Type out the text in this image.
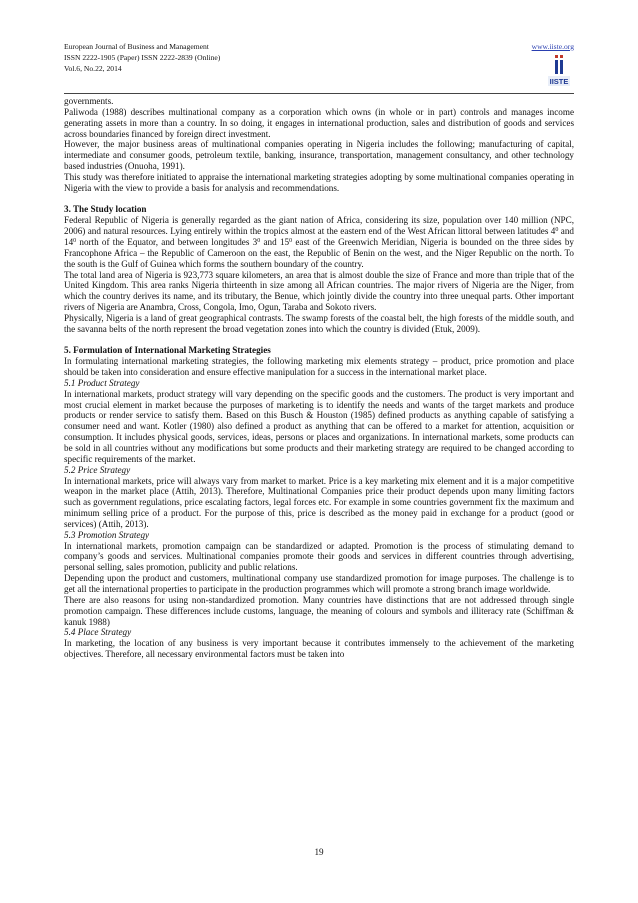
European Journal of Business and Management
ISSN 2222-1905 (Paper) ISSN 2222-2839 (Online)
Vol.6, No.22, 2014
www.iiste.org
IISTE

governments.

Paliwoda (1988) describes multinational company as a corporation which owns (in whole or in part) controls and manages income generating assets in more than a country. In so doing, it engages in international production, sales and distribution of goods and services across boundaries financed by foreign direct investment.

However, the major business areas of multinational companies operating in Nigeria includes the following; manufacturing of capital, intermediate and consumer goods, petroleum textile, banking, insurance, transportation, management consultancy, and other technology based industries (Onuoha, 1991).

This study was therefore initiated to appraise the international marketing strategies adopting by some multinational companies operating in Nigeria with the view to provide a basis for analysis and recommendations.

3. The Study location

Federal Republic of Nigeria is generally regarded as the giant nation of Africa, considering its size, population over 140 million (NPC, 2006) and natural resources. Lying entirely within the tropics almost at the eastern end of the West African littoral between latitudes $4^0$ and $14^0$ north of the Equator, and between longitudes $3^0$ and $15^0$ east of the Greenwich Meridian, Nigeria is bounded on the three sides by Francophone Africa – the Republic of Cameroon on the east, the Republic of Benin on the west, and the Niger Republic on the north. To the south is the Gulf of Guinea which forms the southern boundary of the country.

The total land area of Nigeria is 923,773 square kilometers, an area that is almost double the size of France and more than triple that of the United Kingdom. This area ranks Nigeria thirteenth in size among all African countries. The major rivers of Nigeria are the Niger, from which the country derives its name, and its tributary, the Benue, which jointly divide the country into three unequal parts. Other important rivers of Nigeria are Anambra, Cross, Congola, Imo, Ogun, Taraba and Sokoto rivers.

Physically, Nigeria is a land of great geographical contrasts. The swamp forests of the coastal belt, the high forests of the middle south, and the savanna belts of the north represent the broad vegetation zones into which the country is divided (Etuk, 2009).

5. Formulation of International Marketing Strategies

In formulating international marketing strategies, the following marketing mix elements strategy – product, price promotion and place should be taken into consideration and ensure effective manipulation for a success in the international market place.

5.1 Product Strategy

In international markets, product strategy will vary depending on the specific goods and the customers. The product is very important and most crucial element in market because the purposes of marketing is to identify the needs and wants of the target markets and produce products or render service to satisfy them. Based on this Busch & Houston (1985) defined products as anything capable of satisfying a consumer need and want. Kotler (1980) also defined a product as anything that can be offered to a market for attention, acquisition or consumption. It includes physical goods, services, ideas, persons or places and organizations. In international markets, some products can be sold in all countries without any modifications but some products and their marketing strategy are required to be changed according to specific requirements of the market.

5.2 Price Strategy

In international markets, price will always vary from market to market. Price is a key marketing mix element and it is a major competitive weapon in the market place (Attih, 2013). Therefore, Multinational Companies price their product depends upon many limiting factors such as government regulations, price escalating factors, legal forces etc. For example in some countries government fix the maximum and minimum selling price of a product. For the purpose of this, price is described as the money paid in exchange for a product (good or services) (Attih, 2013).

5.3 Promotion Strategy

In international markets, promotion campaign can be standardized or adapted. Promotion is the process of stimulating demand to company’s goods and services. Multinational companies promote their goods and services in different countries through advertising, personal selling, sales promotion, publicity and public relations.

Depending upon the product and customers, multinational company use standardized promotion for image purposes. The challenge is to get all the international properties to participate in the production programmes which will promote a strong branch image worldwide.

There are also reasons for using non-standardized promotion. Many countries have distinctions that are not addressed through single promotion campaign. These differences include customs, language, the meaning of colours and symbols and illiteracy rate (Schiffman & kanuk 1988)

5.4 Place Strategy

In marketing, the location of any business is very important because it contributes immensely to the achievement of the marketing objectives. Therefore, all necessary environmental factors must be taken into

19
